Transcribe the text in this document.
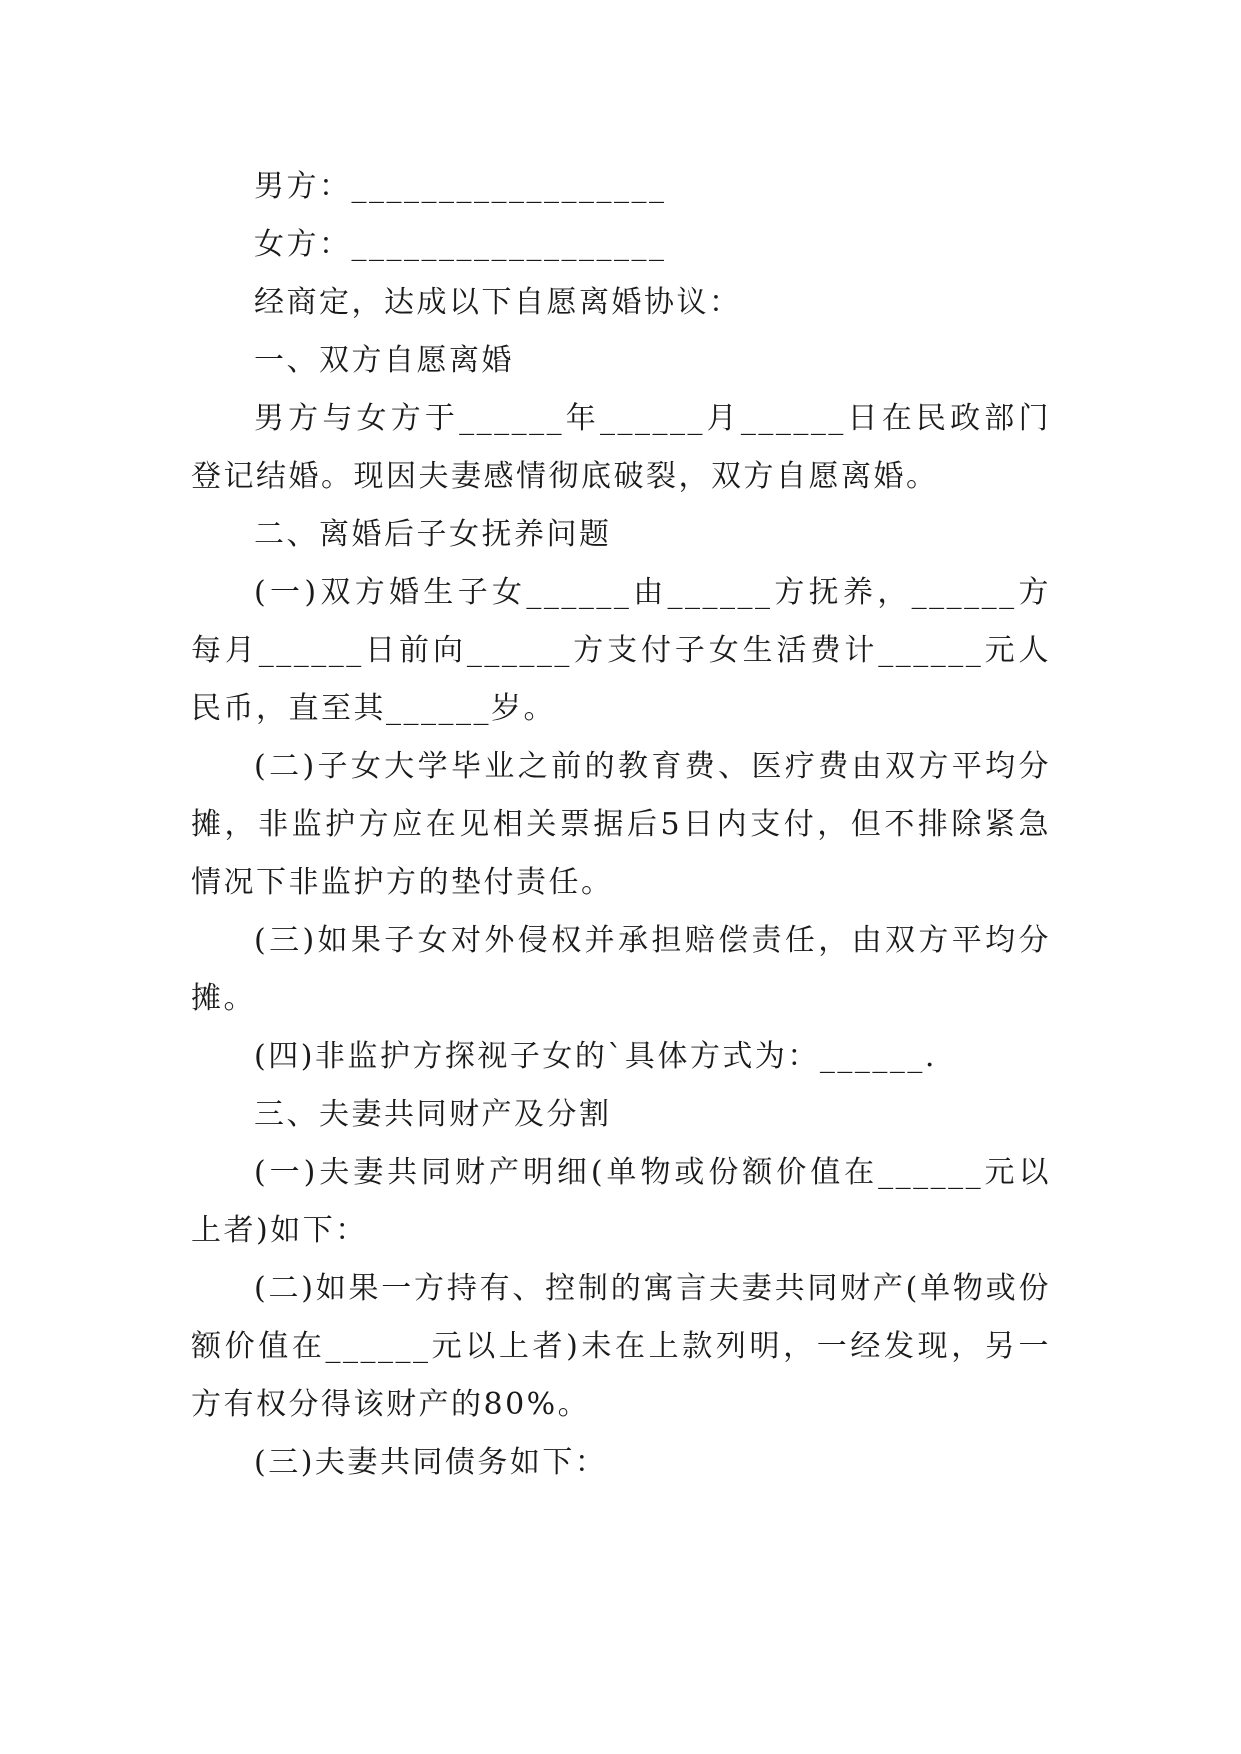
男方：__________________

女方：__________________

经商定，达成以下自愿离婚协议：

一、双方自愿离婚

男方与女方于______年______月______日在民政部门登记结婚。现因夫妻感情彻底破裂，双方自愿离婚。

二、离婚后子女抚养问题

(一)双方婚生子女______由______方抚养，______方每月______日前向______方支付子女生活费计______元人民币，直至其______岁。

(二)子女大学毕业之前的教育费、医疗费由双方平均分摊，非监护方应在见相关票据后5日内支付，但不排除紧急情况下非监护方的垫付责任。

(三)如果子女对外侵权并承担赔偿责任，由双方平均分摊。

(四)非监护方探视子女的`具体方式为：______.

三、夫妻共同财产及分割

(一)夫妻共同财产明细(单物或份额价值在______元以上者)如下：

(二)如果一方持有、控制的寓言夫妻共同财产(单物或份额价值在______元以上者)未在上款列明，一经发现，另一方有权分得该财产的80%。

(三)夫妻共同债务如下：
